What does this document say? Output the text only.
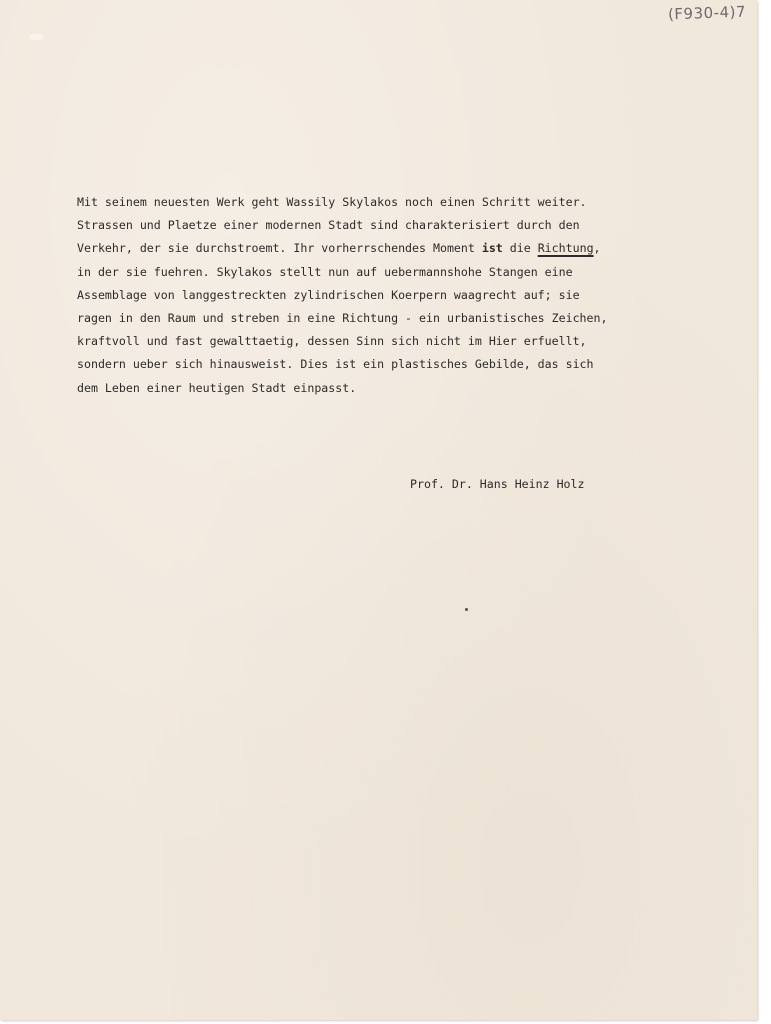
(F930-4)7
Mit seinem neuesten Werk geht Wassily Skylakos noch einen Schritt weiter.
Strassen und Plaetze einer modernen Stadt sind charakterisiert durch den
Verkehr, der sie durchstroemt. Ihr vorherrschendes Moment ist die Richtung,
in der sie fuehren. Skylakos stellt nun auf uebermannshohe Stangen eine
Assemblage von langgestreckten zylindrischen Koerpern waagrecht auf; sie
ragen in den Raum und streben in eine Richtung - ein urbanistisches Zeichen,
kraftvoll und fast gewalttaetig, dessen Sinn sich nicht im Hier erfuellt,
sondern ueber sich hinausweist. Dies ist ein plastisches Gebilde, das sich
dem Leben einer heutigen Stadt einpasst.
Prof. Dr. Hans Heinz Holz
